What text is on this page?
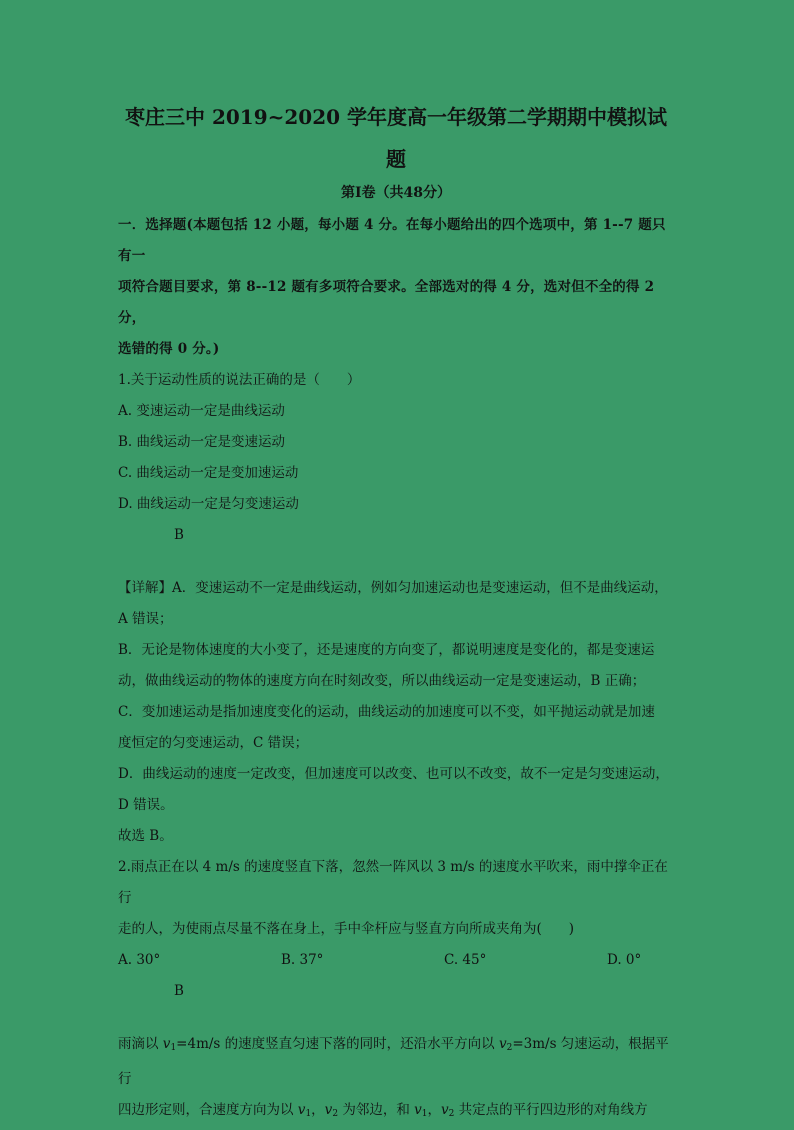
枣庄三中 2019~2020 学年度高一年级第二学期期中模拟试

题

第Ⅰ卷（共48分）

一．选择题(本题包括 12 小题，每小题 4 分。在每小题给出的四个选项中，第 1--7 题只有一

项符合题目要求，第 8--12 题有多项符合要求。全部选对的得 4 分，选对但不全的得 2 分，

选错的得 0 分。)

1.关于运动性质的说法正确的是（　　）

A. 变速运动一定是曲线运动

B. 曲线运动一定是变速运动

C. 曲线运动一定是变加速运动

D. 曲线运动一定是匀变速运动

B

【详解】A．变速运动不一定是曲线运动，例如匀加速运动也是变速运动，但不是曲线运动，

A 错误；

B．无论是物体速度的大小变了，还是速度的方向变了，都说明速度是变化的，都是变速运

动，做曲线运动的物体的速度方向在时刻改变，所以曲线运动一定是变速运动，B 正确；

C．变加速运动是指加速度变化的运动，曲线运动的加速度可以不变，如平抛运动就是加速

度恒定的匀变速运动，C 错误；

D．曲线运动的速度一定改变，但加速度可以改变、也可以不改变，故不一定是匀变速运动，

D 错误。

故选 B。

2.雨点正在以 4 m/s 的速度竖直下落，忽然一阵风以 3 m/s 的速度水平吹来，雨中撑伞正在行

走的人，为使雨点尽量不落在身上，手中伞杆应与竖直方向所成夹角为(　　)

A. 30°	B. 37°	C. 45°	D. 0°

B

雨滴以 $v_1=4m/s$ 的速度竖直匀速下落的同时，还沿水平方向以 $v_2=3m/s$ 匀速运动，根据平行

四边形定则，合速度方向为以 $v_1$，$v_2$ 为邻边，和 $v_1$，$v_2$ 共定点的平行四边形的对角线方
